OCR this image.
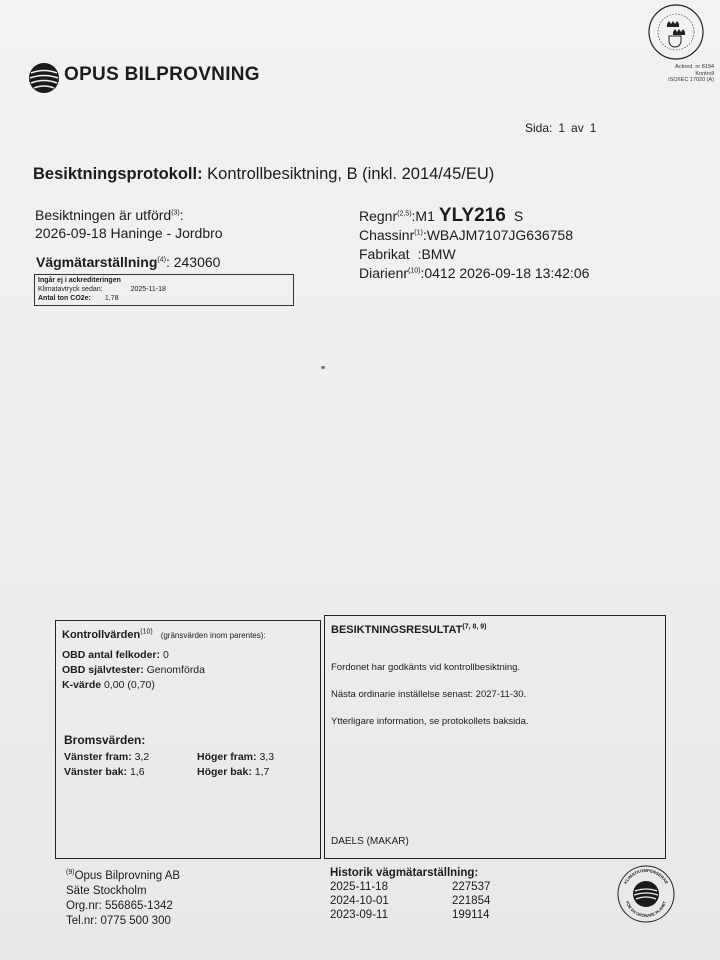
OPUS BILPROVNING	Ackred. nr 8194
Kontroll
ISO/IEC 17020 (A)
Sida: 1 av 1
Besiktningsprotokoll: Kontrollbesiktning, B (inkl. 2014/45/EU)
Besiktningen är utförd$^{(3)}$:
2026-09-18 Haninge - Jordbro
Vägmätarställning$^{(4)}$: 243060
Ingår ej i ackrediteringen
Klimatavtryck sedan:	2025-11-18
Antal ton CO2e: 1,78
Regnr$^{(2,5)}$:M1 YLY216 S
Chassinr$^{(1)}$:WBAJM7107JG636758
Fabrikat :BMW
Diarienr$^{(10)}$:0412 2026-09-18 13:42:06
Kontrollvärden$^{(10)}$ (gränsvärden inom parentes):
OBD antal felkoder: 0
OBD självtester: Genomförda
K-värde 0,00 (0,70)
Bromsvärden:
Vänster fram: 3,2	Höger fram: 3,3
Vänster bak: 1,6	Höger bak: 1,7
BESIKTNINGSRESULTAT$^{(7, 8, 9)}$
Fordonet har godkänts vid kontrollbesiktning.
Nästa ordinarie inställelse senast: 2027-11-30.
Ytterligare information, se protokollets baksida.
DAELS (MAKAR)
$^{(9)}$Opus Bilprovning AB
Säte Stockholm
Org.nr: 556865-1342
Tel.nr: 0775 500 300
Historik vägmätarställning:
2025-11-18	227537
2024-10-01	221854
2023-09-11	199114
KLIMATKOMPENSERAR
FÖR EN GRÖNARE PLANET
